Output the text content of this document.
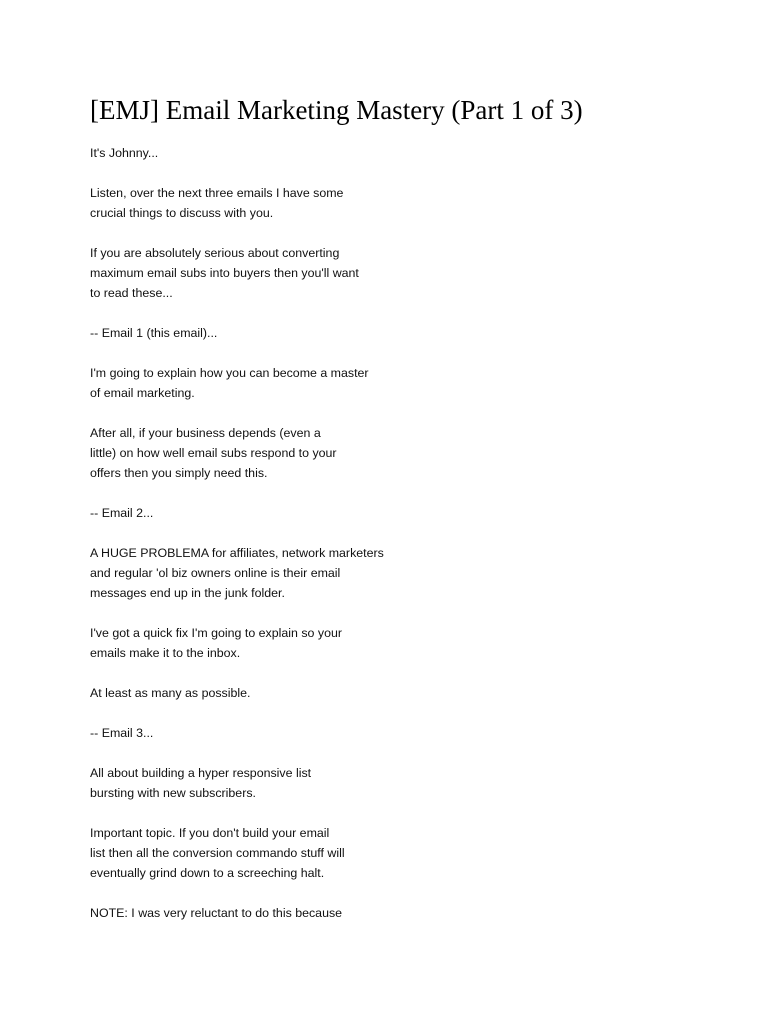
[EMJ] Email Marketing Mastery (Part 1 of 3)

It's Johnny...

Listen, over the next three emails I have some
crucial things to discuss with you.

If you are absolutely serious about converting
maximum email subs into buyers then you'll want
to read these...

-- Email 1 (this email)...

I'm going to explain how you can become a master
of email marketing.

After all, if your business depends (even a
little) on how well email subs respond to your
offers then you simply need this.

-- Email 2...

A HUGE PROBLEMA for affiliates, network marketers
and regular 'ol biz owners online is their email
messages end up in the junk folder.

I've got a quick fix I'm going to explain so your
emails make it to the inbox.

At least as many as possible.

-- Email 3...

All about building a hyper responsive list
bursting with new subscribers.

Important topic. If you don't build your email
list then all the conversion commando stuff will
eventually grind down to a screeching halt.

NOTE: I was very reluctant to do this because
